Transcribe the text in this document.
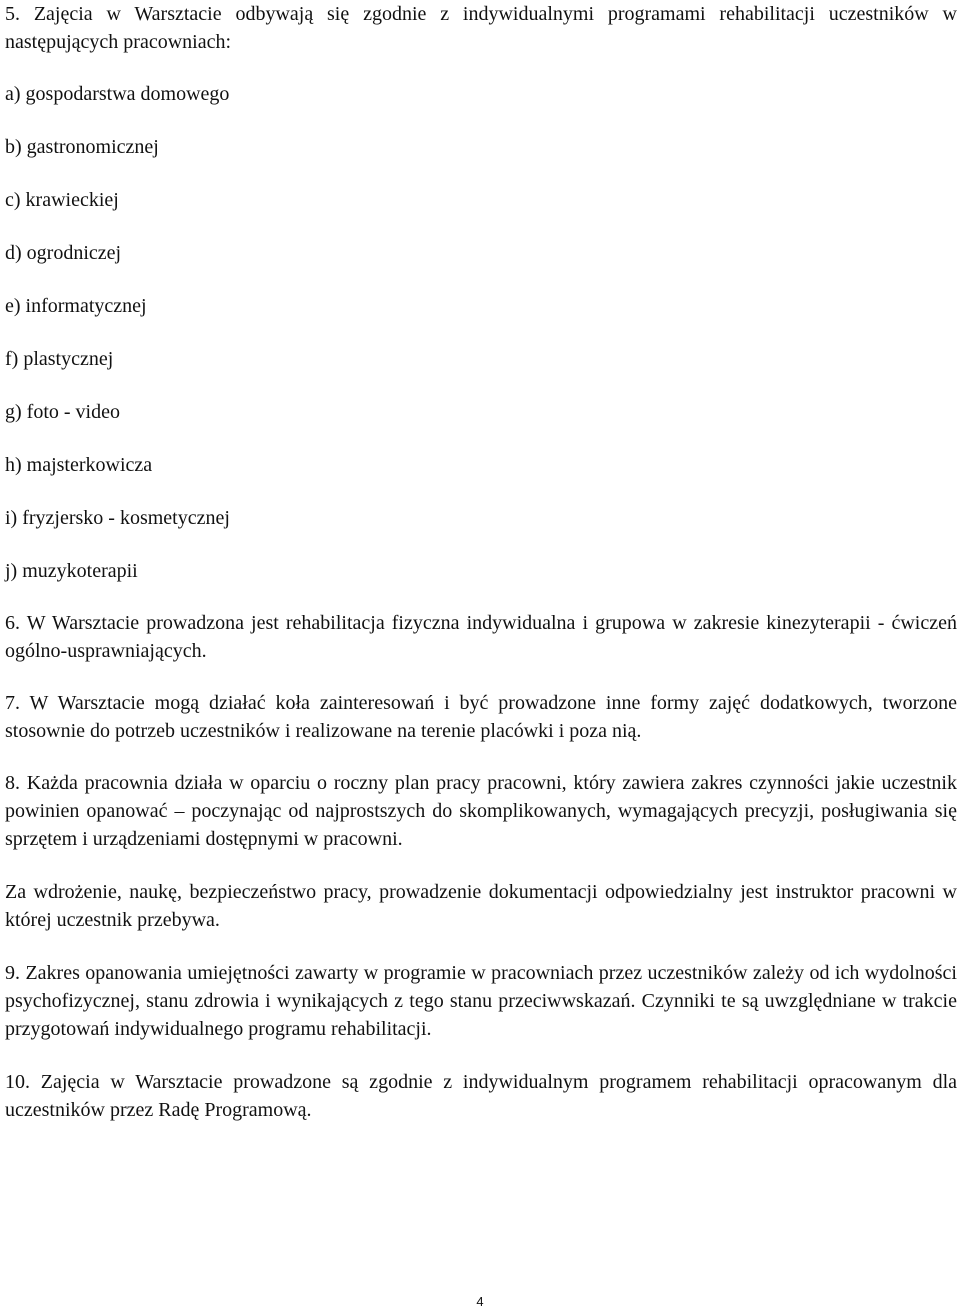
5. Zajęcia w Warsztacie odbywają się zgodnie z indywidualnymi programami rehabilitacji uczestników w następujących pracowniach:

a) gospodarstwa domowego

b) gastronomicznej

c) krawieckiej

d) ogrodniczej

e) informatycznej

f) plastycznej

g) foto - video

h) majsterkowicza

i) fryzjersko - kosmetycznej

j) muzykoterapii

6. W Warsztacie prowadzona jest rehabilitacja fizyczna indywidualna i grupowa w zakresie kinezyterapii - ćwiczeń ogólno-usprawniających.

7. W Warsztacie mogą działać koła zainteresowań i być prowadzone inne formy zajęć dodatkowych, tworzone stosownie do potrzeb uczestników i realizowane na terenie placówki i poza nią.

8. Każda pracownia działa w oparciu o roczny plan pracy pracowni, który zawiera zakres czynności jakie uczestnik powinien opanować – poczynając od najprostszych do skomplikowanych, wymagających precyzji, posługiwania się sprzętem i urządzeniami dostępnymi w pracowni.

Za wdrożenie, naukę, bezpieczeństwo pracy, prowadzenie dokumentacji odpowiedzialny jest instruktor pracowni w której uczestnik przebywa.

9. Zakres opanowania umiejętności zawarty w programie w pracowniach przez uczestników zależy od ich wydolności psychofizycznej, stanu zdrowia i wynikających z tego stanu przeciwwskazań. Czynniki te są uwzględniane w trakcie przygotowań indywidualnego programu rehabilitacji.

10. Zajęcia w Warsztacie prowadzone są zgodnie z indywidualnym programem rehabilitacji opracowanym dla uczestników przez Radę Programową.

4
